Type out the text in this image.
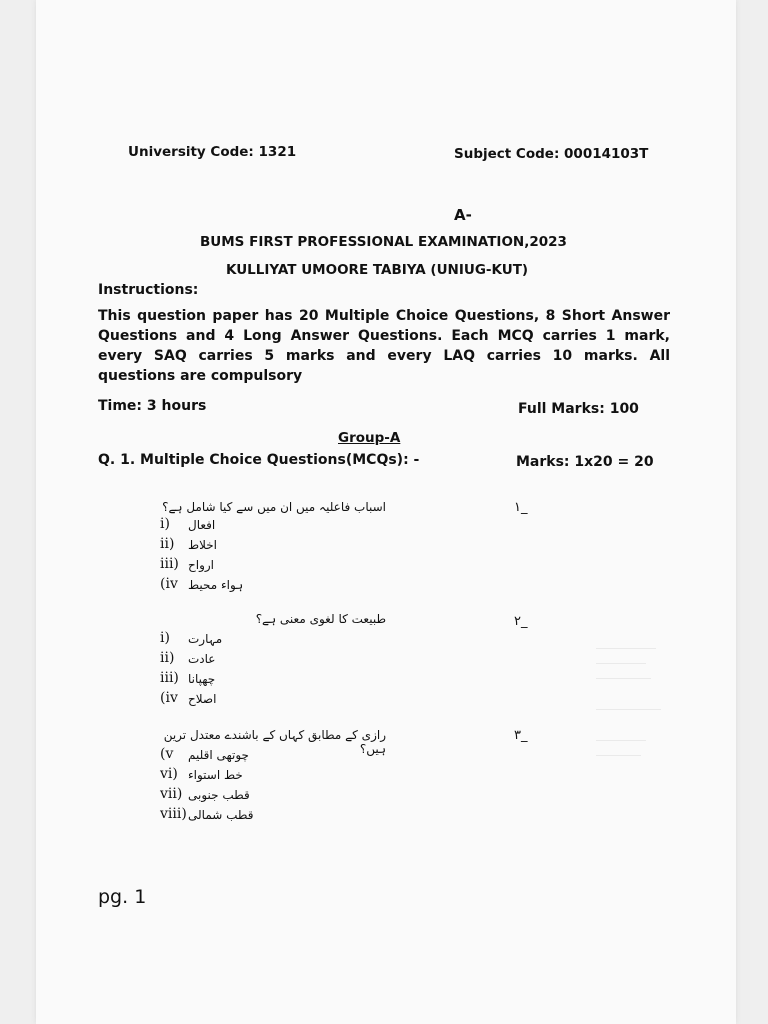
University Code: 1321	Subject Code: 00014103T
A-
BUMS FIRST PROFESSIONAL EXAMINATION,2023
KULLIYAT UMOORE TABIYA (UNIUG-KUT)
Instructions:
This question paper has 20 Multiple Choice Questions, 8 Short Answer Questions and 4 Long Answer Questions. Each MCQ carries 1 mark, every SAQ carries 5 marks and every LAQ carries 10 marks. All questions are compulsory
Time: 3 hours	Full Marks: 100
Group-A
Q. 1. Multiple Choice Questions(MCQs): -	Marks: 1x20 = 20
اسباب فاعلیہ میں ان میں سے کیا شامل ہے؟	۱_
i) افعال
ii) اخلاط
iii) ارواح
(iv ہواء محیط
طبیعت کا لغوی معنی ہے؟	۲_
i) مہارت
ii) عادت
iii) چھپانا
(iv اصلاح
رازی کے مطابق کہاں کے باشندے معتدل ترین ہیں؟
۳_
(v چوتھی اقلیم
vi) خط استواء
vii) قطب جنوبی
viii) قطب شمالی
pg. 1
